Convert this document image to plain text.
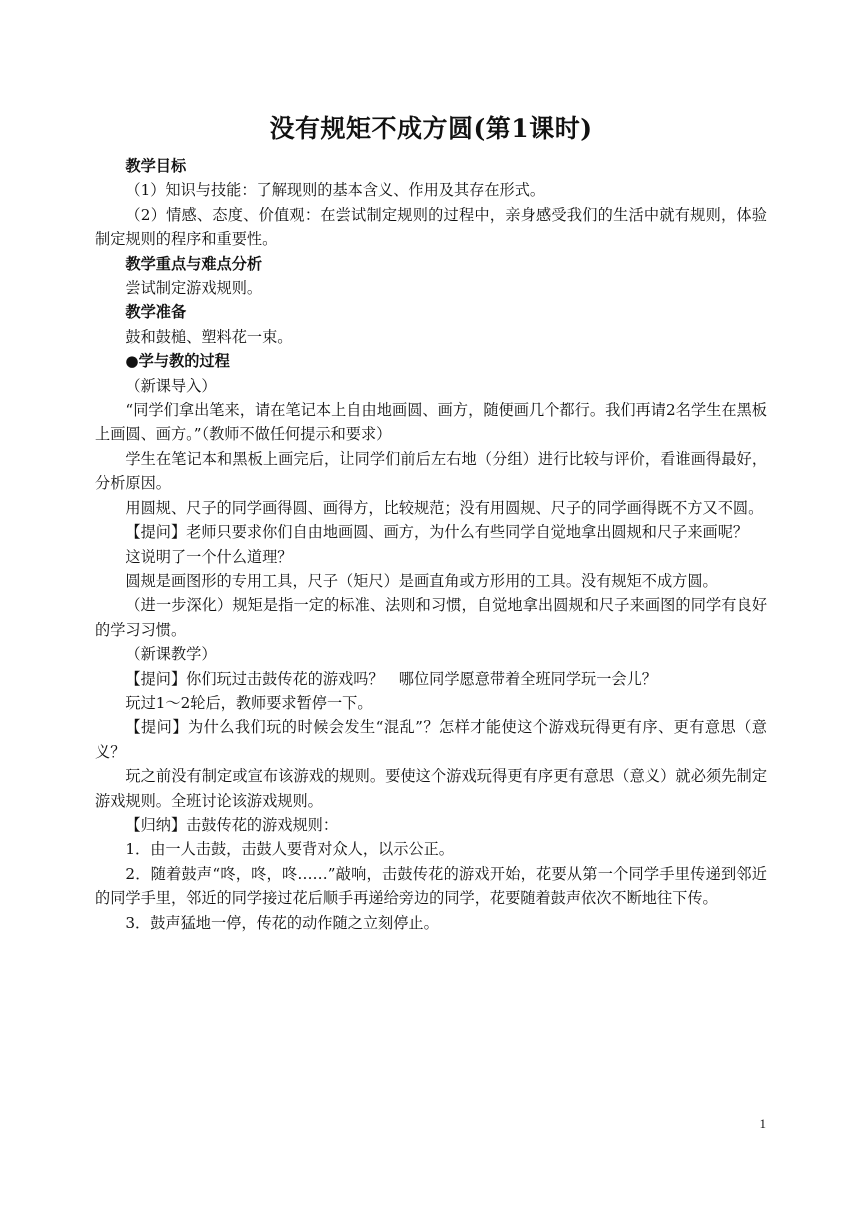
没有规矩不成方圆(第1课时)

教学目标

（1）知识与技能：了解现则的基本含义、作用及其存在形式。

（2）情感、态度、价值观：在尝试制定规则的过程中，亲身感受我们的生活中就有规则，体验制定规则的程序和重要性。

教学重点与难点分析

尝试制定游戏规则。

教学准备

鼓和鼓槌、塑料花一束。

●学与教的过程

（新课导入）

“同学们拿出笔来，请在笔记本上自由地画圆、画方，随便画几个都行。我们再请2名学生在黑板上画圆、画方。”（教师不做任何提示和要求）

学生在笔记本和黑板上画完后，让同学们前后左右地（分组）进行比较与评价，看谁画得最好，分析原因。

用圆规、尺子的同学画得圆、画得方，比较规范；没有用圆规、尺子的同学画得既不方又不圆。

【提问】老师只要求你们自由地画圆、画方，为什么有些同学自觉地拿出圆规和尺子来画呢？

这说明了一个什么道理？

圆规是画图形的专用工具，尺子（矩尺）是画直角或方形用的工具。没有规矩不成方圆。

（进一步深化）规矩是指一定的标准、法则和习惯，自觉地拿出圆规和尺子来画图的同学有良好的学习习惯。

（新课教学）

【提问】你们玩过击鼓传花的游戏吗？　哪位同学愿意带着全班同学玩一会儿？

玩过1～2轮后，教师要求暂停一下。

【提问】为什么我们玩的时候会发生“混乱”？怎样才能使这个游戏玩得更有序、更有意思（意义？

玩之前没有制定或宣布该游戏的规则。要使这个游戏玩得更有序更有意思（意义）就必须先制定游戏规则。全班讨论该游戏规则。

【归纳】击鼓传花的游戏规则：

1．由一人击鼓，击鼓人要背对众人，以示公正。

2．随着鼓声“咚，咚，咚……”敲响，击鼓传花的游戏开始，花要从第一个同学手里传递到邻近的同学手里，邻近的同学接过花后顺手再递给旁边的同学，花要随着鼓声依次不断地往下传。

3．鼓声猛地一停，传花的动作随之立刻停止。

1
